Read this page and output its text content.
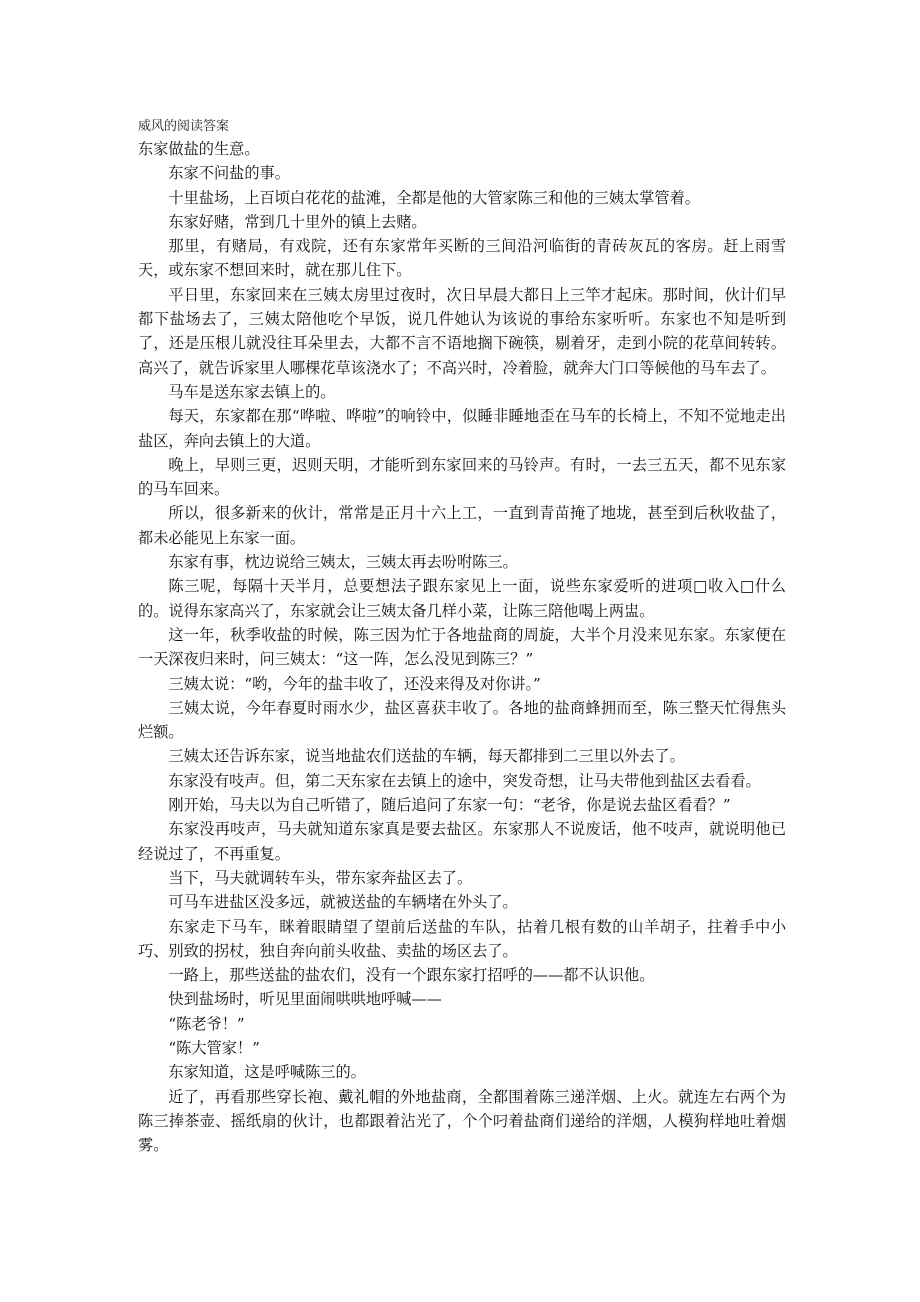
威风的阅读答案

东家做盐的生意。

东家不问盐的事。

十里盐场，上百顷白花花的盐滩，全都是他的大管家陈三和他的三姨太掌管着。

东家好赌，常到几十里外的镇上去赌。

那里，有赌局，有戏院，还有东家常年买断的三间沿河临街的青砖灰瓦的客房。赶上雨雪天，或东家不想回来时，就在那儿住下。

平日里，东家回来在三姨太房里过夜时，次日早晨大都日上三竿才起床。那时间，伙计们早都下盐场去了，三姨太陪他吃个早饭，说几件她认为该说的事给东家听听。东家也不知是听到了，还是压根儿就没往耳朵里去，大都不言不语地搁下碗筷，剔着牙，走到小院的花草间转转。高兴了，就告诉家里人哪棵花草该浇水了；不高兴时，冷着脸，就奔大门口等候他的马车去了。

马车是送东家去镇上的。

每天，东家都在那“哗啦、哗啦”的响铃中，似睡非睡地歪在马车的长椅上，不知不觉地走出盐区，奔向去镇上的大道。

晚上，早则三更，迟则天明，才能听到东家回来的马铃声。有时，一去三五天，都不见东家的马车回来。

所以，很多新来的伙计，常常是正月十六上工，一直到青苗掩了地垅，甚至到后秋收盐了，都未必能见上东家一面。

东家有事，枕边说给三姨太，三姨太再去吩咐陈三。

陈三呢，每隔十天半月，总要想法子跟东家见上一面，说些东家爱听的进项□收入□什么的。说得东家高兴了，东家就会让三姨太备几样小菜，让陈三陪他喝上两盅。

这一年，秋季收盐的时候，陈三因为忙于各地盐商的周旋，大半个月没来见东家。东家便在一天深夜归来时，问三姨太：“这一阵，怎么没见到陈三？”

三姨太说：“哟，今年的盐丰收了，还没来得及对你讲。”

三姨太说，今年春夏时雨水少，盐区喜获丰收了。各地的盐商蜂拥而至，陈三整天忙得焦头烂额。

三姨太还告诉东家，说当地盐农们送盐的车辆，每天都排到二三里以外去了。

东家没有吱声。但，第二天东家在去镇上的途中，突发奇想，让马夫带他到盐区去看看。

刚开始，马夫以为自己听错了，随后追问了东家一句：“老爷，你是说去盐区看看？”

东家没再吱声，马夫就知道东家真是要去盐区。东家那人不说废话，他不吱声，就说明他已经说过了，不再重复。

当下，马夫就调转车头，带东家奔盐区去了。

可马车进盐区没多远，就被送盐的车辆堵在外头了。

东家走下马车，眯着眼睛望了望前后送盐的车队，拈着几根有数的山羊胡子，拄着手中小巧、别致的拐杖，独自奔向前头收盐、卖盐的场区去了。

一路上，那些送盐的盐农们，没有一个跟东家打招呼的——都不认识他。

快到盐场时，听见里面闹哄哄地呼喊——

“陈老爷！”

“陈大管家！”

东家知道，这是呼喊陈三的。

近了，再看那些穿长袍、戴礼帽的外地盐商，全都围着陈三递洋烟、上火。就连左右两个为陈三捧茶壶、摇纸扇的伙计，也都跟着沾光了，个个叼着盐商们递给的洋烟，人模狗样地吐着烟雾。
